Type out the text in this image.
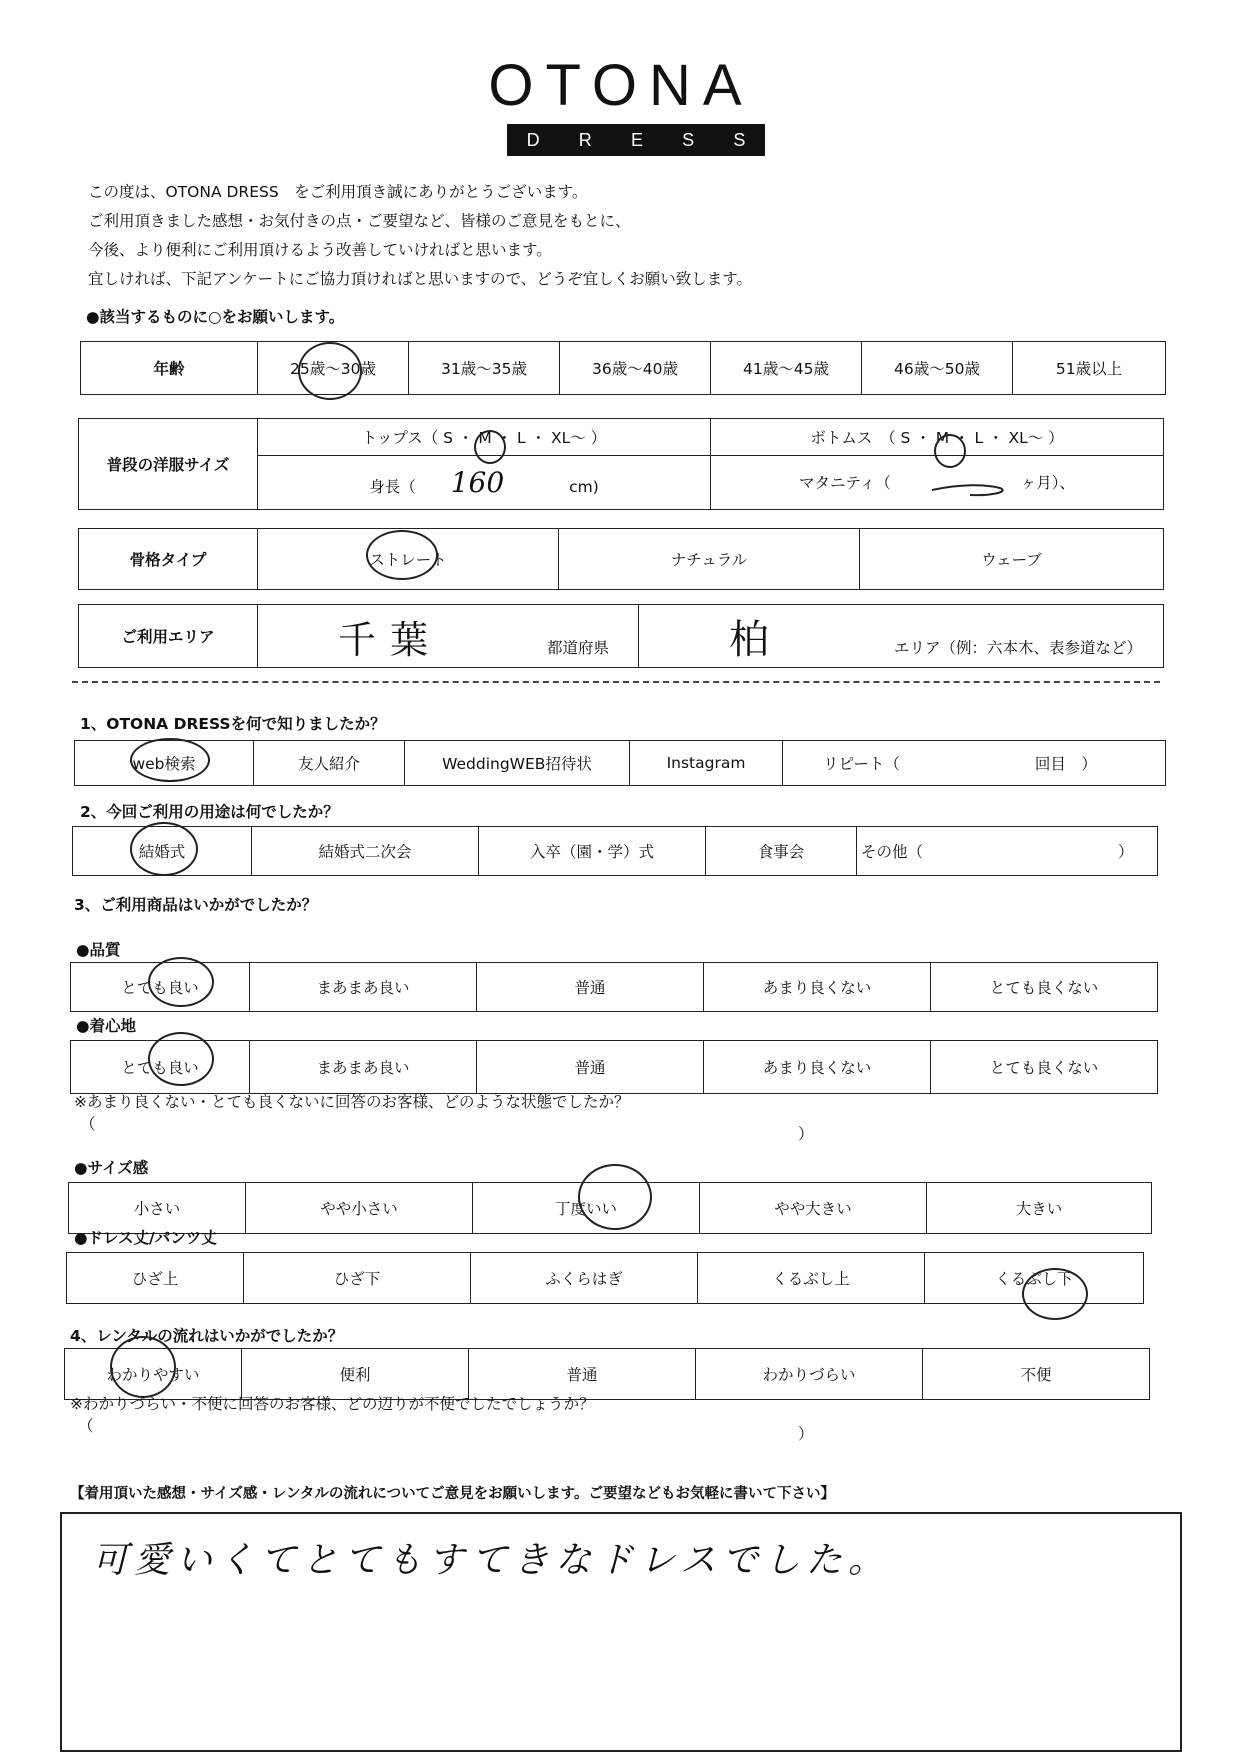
OTONA
D R E S S
この度は、OTONA DRESS　をご利用頂き誠にありがとうございます。
ご利用頂きました感想・お気付きの点・ご要望など、皆様のご意見をもとに、
今後、より便利にご利用頂けるよう改善していければと思います。
宜しければ、下記アンケートにご協力頂ければと思いますので、どうぞ宜しくお願い致します。
●該当するものに○をお願いします。
年齢	25歳〜30歳	31歳〜35歳	36歳〜40歳	41歳〜45歳	46歳〜50歳	51歳以上
普段の洋服サイズ	トップス（ S ・ M ・ L ・ XL〜 ）	ボトムス　（ S ・ M ・ L ・ XL〜 ）
	身長（ 160 cm)	マタニティ（ ヶ月）、
骨格タイプ	ストレート	ナチュラル	ウェーブ
ご利用エリア	千葉	都道府県	柏	エリア（例：六本木、表参道など）
1、OTONA DRESSを何で知りましたか？
web検索	友人紹介	WeddingWEB招待状	Instagram	リピート（	回目　）
2、今回ご利用の用途は何でしたか？
結婚式	結婚式二次会	入卒（園・学）式	食事会	その他（	）
3、ご利用商品はいかがでしたか？
●品質
とても良い	まあまあ良い	普通	あまり良くない	とても良くない
●着心地
とても良い	まあまあ良い	普通	あまり良くない	とても良くない
※あまり良くない・とても良くないに回答のお客様、どのような状態でしたか？
（
）
●サイズ感
小さい	やや小さい	丁度いい	やや大きい	大きい
●ドレス丈/パンツ丈
ひざ上	ひざ下	ふくらはぎ	くるぶし上	くるぶし下
4、レンタルの流れはいかがでしたか？
わかりやすい	便利	普通	わかりづらい	不便
※わかりづらい・不便に回答のお客様、どの辺りが不便でしたでしょうか？
（	）
【着用頂いた感想・サイズ感・レンタルの流れについてご意見をお願いします。ご要望などもお気軽に書いて下さい】
可愛いくてとてもすてきなドレスでした。
